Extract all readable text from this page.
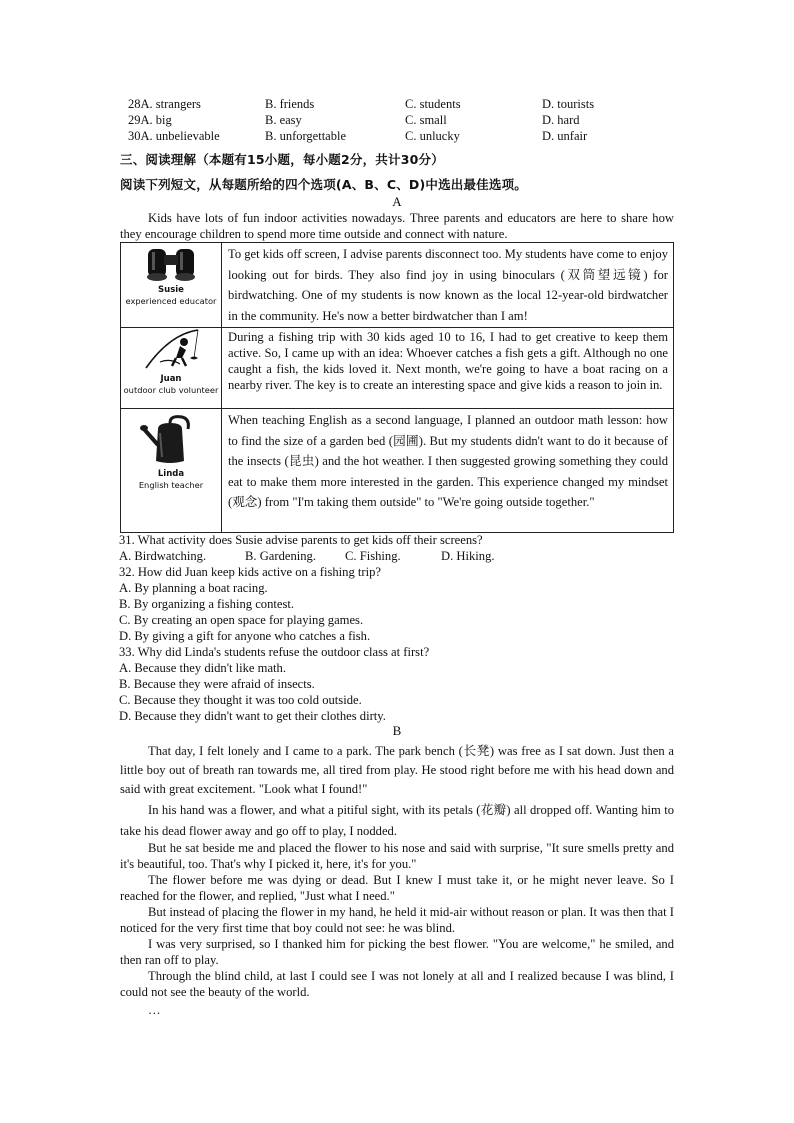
28A. strangers	B. friends	C. students	D. tourists
29A. big	B. easy	C. small	D. hard
30A. unbelievable	B. unforgettable	C. unlucky	D. unfair
三、阅读理解（本题有15小题，每小题2分，共计30分）
阅读下列短文，从每题所给的四个选项(A、B、C、D)中选出最佳选项。
A
Kids have lots of fun indoor activities nowadays. Three parents and educators are here to share how they encourage children to spend more time outside and connect with nature.
Susie
experienced educator	To get kids off screen, I advise parents disconnect too. My students have come to enjoy looking out for birds. They also find joy in using binoculars (双筒望远镜) for birdwatching. One of my students is now known as the local 12-year-old birdwatcher in the community. He's now a better birdwatcher than I am!

Juan
outdoor club volunteer	During a fishing trip with 30 kids aged 10 to 16, I had to get creative to keep them active. So, I came up with an idea: Whoever catches a fish gets a gift. Although no one caught a fish, the kids loved it. Next month, we're going to have a boat racing on a nearby river. The key is to create an interesting space and give kids a reason to join in.

Linda
English teacher	When teaching English as a second language, I planned an outdoor math lesson: how to find the size of a garden bed (园圃). But my students didn't want to do it because of the insects (昆虫) and the hot weather. I then suggested growing something they could eat to make them more interested in the garden. This experience changed my mindset (观念) from "I'm taking them outside" to "We're going outside together."
31. What activity does Susie advise parents to get kids off their screens?
A. Birdwatching.	B. Gardening. C. Fishing.	D. Hiking.
32. How did Juan keep kids active on a fishing trip?
A. By planning a boat racing.
B. By organizing a fishing contest.
C. By creating an open space for playing games.
D. By giving a gift for anyone who catches a fish.
33. Why did Linda's students refuse the outdoor class at first?
A. Because they didn't like math.
B. Because they were afraid of insects.
C. Because they thought it was too cold outside.
D. Because they didn't want to get their clothes dirty.
B
That day, I felt lonely and I came to a park. The park bench (长凳) was free as I sat down. Just then a little boy out of breath ran towards me, all tired from play. He stood right before me with his head down and said with great excitement. "Look what I found!"
In his hand was a flower, and what a pitiful sight, with its petals (花瓣) all dropped off. Wanting him to take his dead flower away and go off to play, I nodded.
But he sat beside me and placed the flower to his nose and said with surprise, "It sure smells pretty and it's beautiful, too. That's why I picked it, here, it's for you."
The flower before me was dying or dead. But I knew I must take it, or he might never leave. So I reached for the flower, and replied, "Just what I need."
But instead of placing the flower in my hand, he held it mid-air without reason or plan. It was then that I noticed for the very first time that boy could not see: he was blind.
I was very surprised, so I thanked him for picking the best flower. "You are welcome," he smiled, and then ran off to play.
Through the blind child, at last I could see I was not lonely at all and I realized because I was blind, I could not see the beauty of the world.
…
